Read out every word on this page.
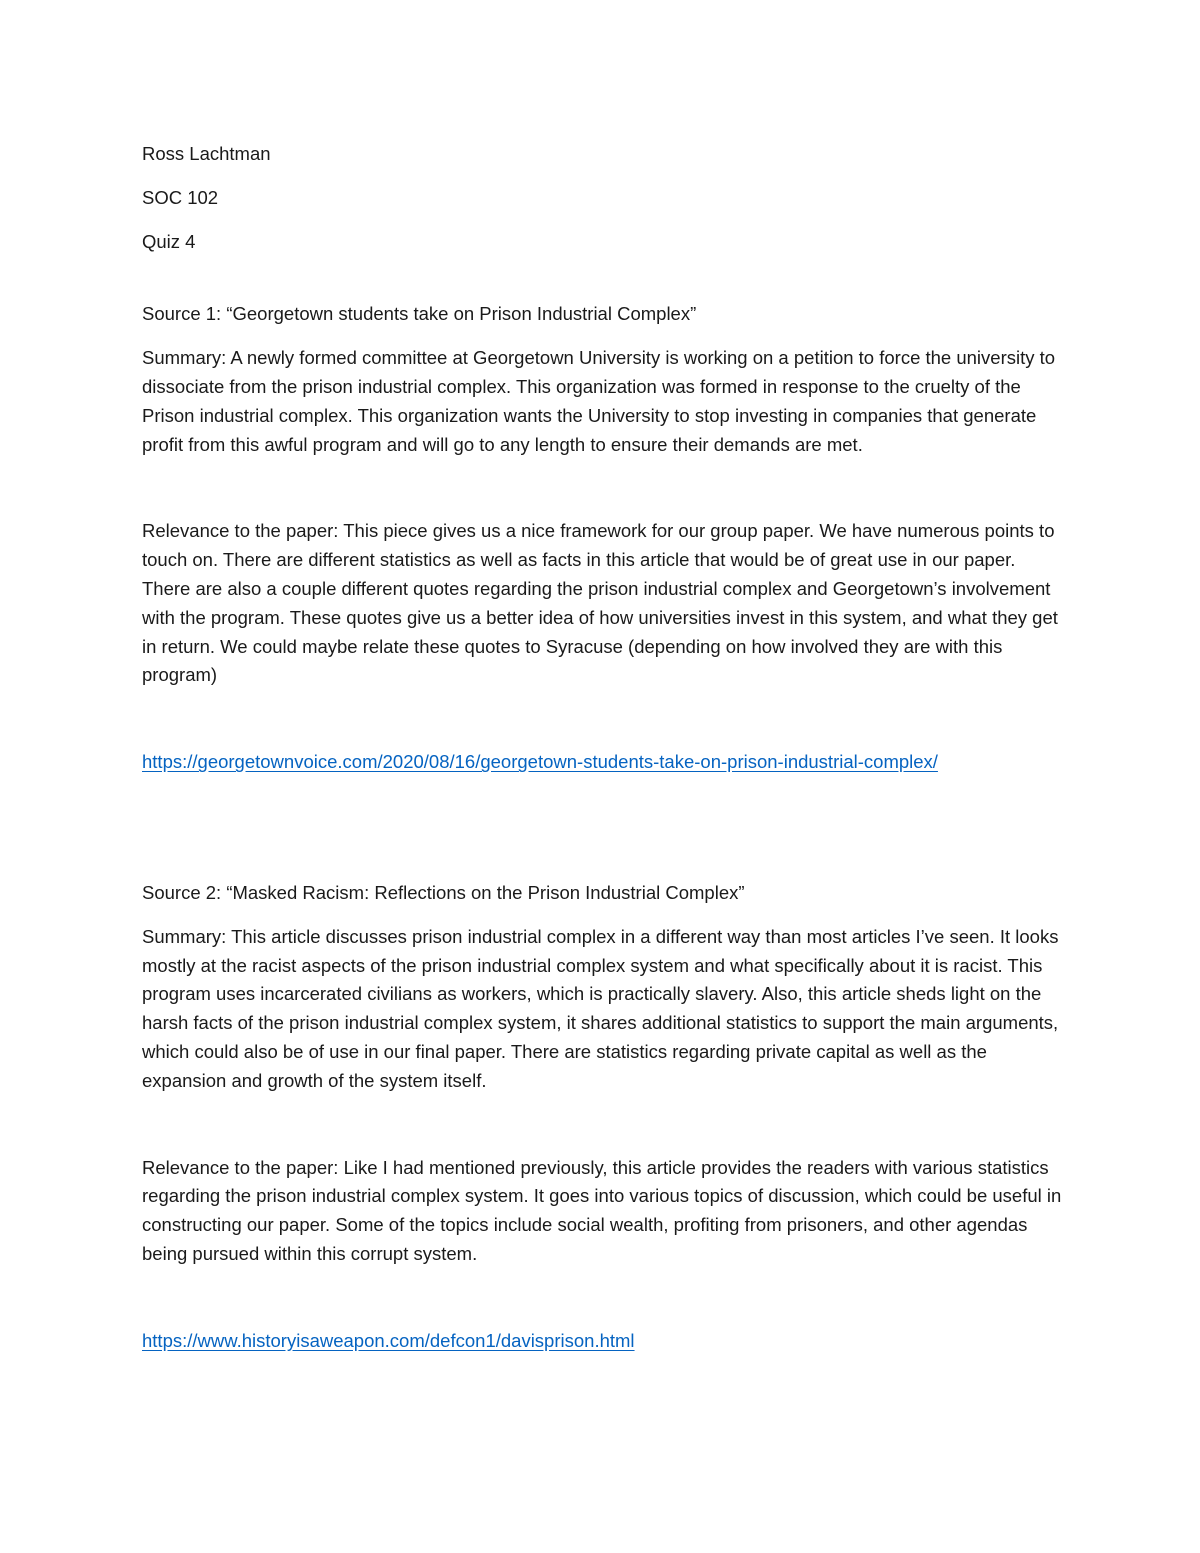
Ross Lachtman

SOC 102

Quiz 4

Source 1: “Georgetown students take on Prison Industrial Complex”

Summary: A newly formed committee at Georgetown University is working on a petition to force the university to dissociate from the prison industrial complex. This organization was formed in response to the cruelty of the Prison industrial complex. This organization wants the University to stop investing in companies that generate profit from this awful program and will go to any length to ensure their demands are met.

Relevance to the paper: This piece gives us a nice framework for our group paper. We have numerous points to touch on. There are different statistics as well as facts in this article that would be of great use in our paper. There are also a couple different quotes regarding the prison industrial complex and Georgetown’s involvement with the program. These quotes give us a better idea of how universities invest in this system, and what they get in return. We could maybe relate these quotes to Syracuse (depending on how involved they are with this program)

https://georgetownvoice.com/2020/08/16/georgetown-students-take-on-prison-industrial-complex/

Source 2: “Masked Racism: Reflections on the Prison Industrial Complex”

Summary: This article discusses prison industrial complex in a different way than most articles I’ve seen. It looks mostly at the racist aspects of the prison industrial complex system and what specifically about it is racist. This program uses incarcerated civilians as workers, which is practically slavery. Also, this article sheds light on the harsh facts of the prison industrial complex system, it shares additional statistics to support the main arguments, which could also be of use in our final paper. There are statistics regarding private capital as well as the expansion and growth of the system itself.

Relevance to the paper: Like I had mentioned previously, this article provides the readers with various statistics regarding the prison industrial complex system. It goes into various topics of discussion, which could be useful in constructing our paper. Some of the topics include social wealth, profiting from prisoners, and other agendas being pursued within this corrupt system.

https://www.historyisaweapon.com/defcon1/davisprison.html
